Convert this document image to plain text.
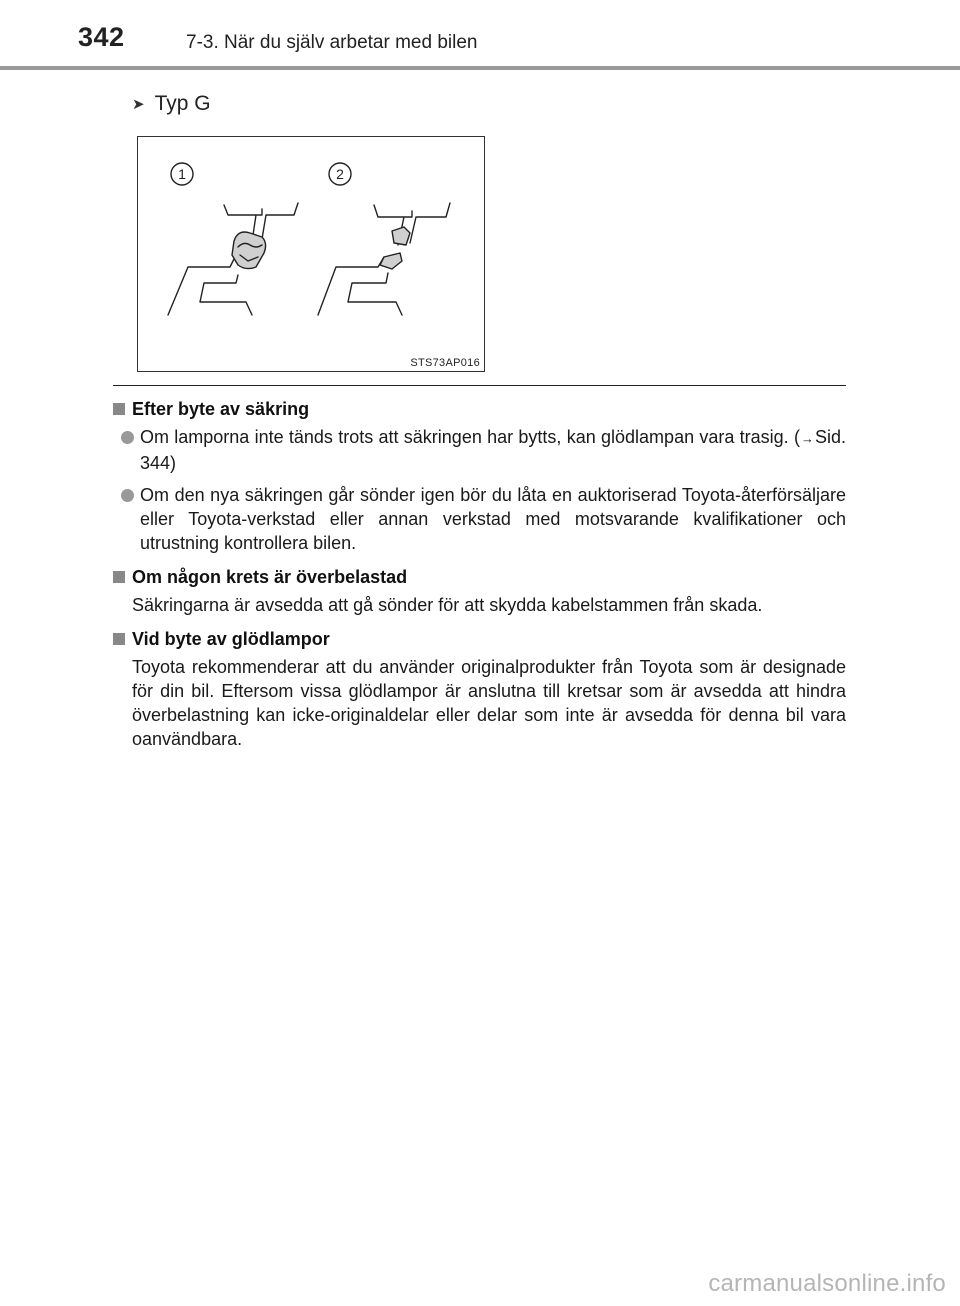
342	7-3. När du själv arbetar med bilen
➤ Typ G
1	2
STS73AP016
Efter byte av säkring
Om lamporna inte tänds trots att säkringen har bytts, kan glödlampan vara trasig. (→Sid. 344)
Om den nya säkringen går sönder igen bör du låta en auktoriserad Toyota-återförsäljare eller Toyota-verkstad eller annan verkstad med motsvarande kvalifikationer och utrustning kontrollera bilen.
Om någon krets är överbelastad
Säkringarna är avsedda att gå sönder för att skydda kabelstammen från skada.
Vid byte av glödlampor
Toyota rekommenderar att du använder originalprodukter från Toyota som är designade för din bil. Eftersom vissa glödlampor är anslutna till kretsar som är avsedda att hindra överbelastning kan icke-originaldelar eller delar som inte är avsedda för denna bil vara oanvändbara.
carmanualsonline.info
